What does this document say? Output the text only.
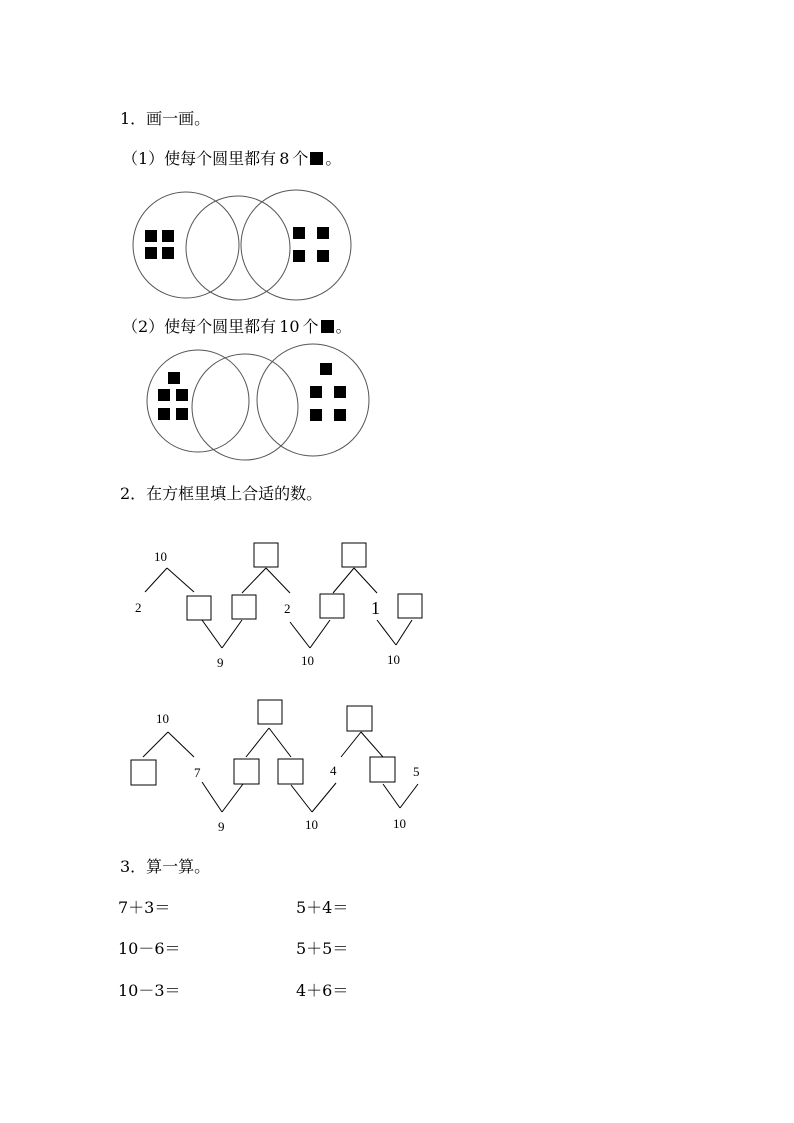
1．画一画。
（1）使每个圆里都有 8 个 。
（2）使每个圆里都有 10 个 。
2．在方框里填上合适的数。
10
2
9
2
10
1
10
10
7
9
4
10
5
10
3．算一算。
7＋3＝	5＋4＝
10－6＝	5＋5＝
10－3＝	4＋6＝
